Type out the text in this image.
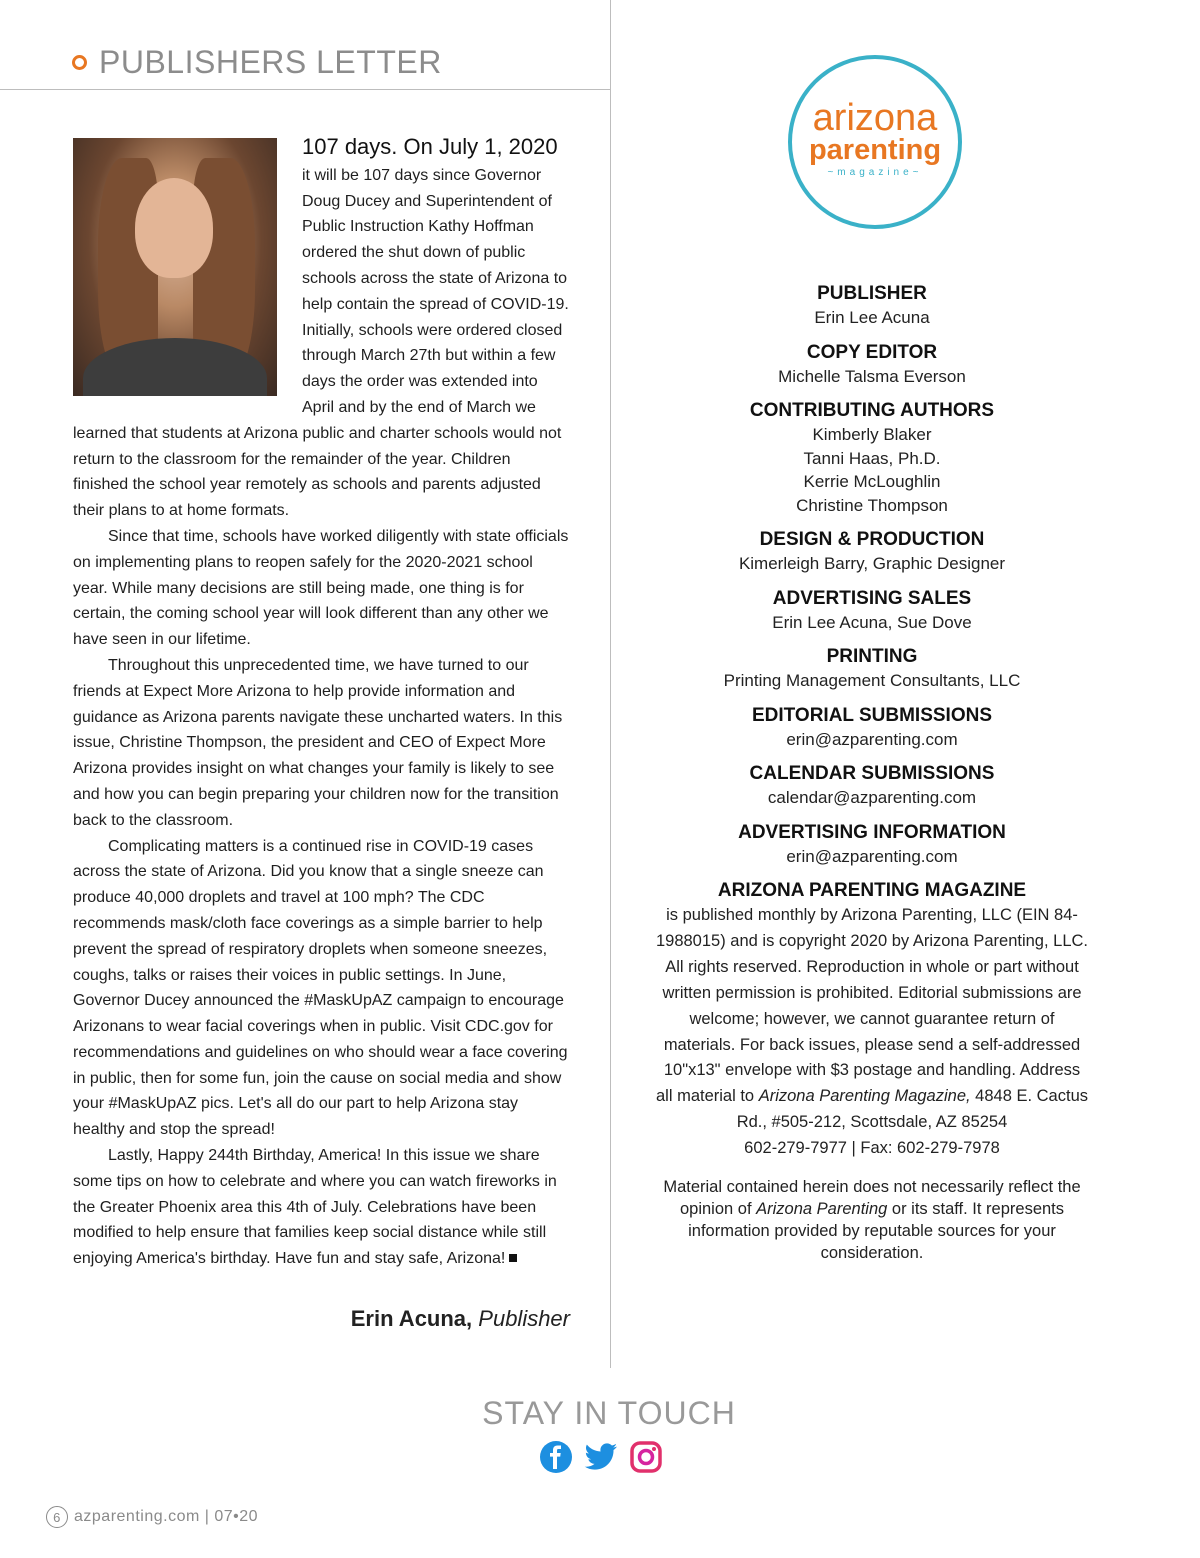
PUBLISHERS LETTER

107 days. On July 1, 2020
it will be 107 days since Governor Doug Ducey and Superintendent of Public Instruction Kathy Hoffman ordered the shut down of public schools across the state of Arizona to help contain the spread of COVID-19. Initially, schools were ordered closed through March 27th but within a few days the order was extended into April and by the end of March we learned that students at Arizona public and charter schools would not return to the classroom for the remainder of the year. Children finished the school year remotely as schools and parents adjusted their plans to at home formats.

Since that time, schools have worked diligently with state officials on implementing plans to reopen safely for the 2020-2021 school year. While many decisions are still being made, one thing is for certain, the coming school year will look different than any other we have seen in our lifetime.

Throughout this unprecedented time, we have turned to our friends at Expect More Arizona to help provide information and guidance as Arizona parents navigate these uncharted waters. In this issue, Christine Thompson, the president and CEO of Expect More Arizona provides insight on what changes your family is likely to see and how you can begin preparing your children now for the transition back to the classroom.

Complicating matters is a continued rise in COVID-19 cases across the state of Arizona. Did you know that a single sneeze can produce 40,000 droplets and travel at 100 mph? The CDC recommends mask/cloth face coverings as a simple barrier to help prevent the spread of respiratory droplets when someone sneezes, coughs, talks or raises their voices in public settings. In June, Governor Ducey announced the #MaskUpAZ campaign to encourage Arizonans to wear facial coverings when in public. Visit CDC.gov for recommendations and guidelines on who should wear a face covering in public, then for some fun, join the cause on social media and show your #MaskUpAZ pics. Let's all do our part to help Arizona stay healthy and stop the spread!

Lastly, Happy 244th Birthday, America! In this issue we share some tips on how to celebrate and where you can watch fireworks in the Greater Phoenix area this 4th of July. Celebrations have been modified to help ensure that families keep social distance while still enjoying America's birthday. Have fun and stay safe, Arizona!

Erin Acuna, Publisher
arizona
parenting
~magazine~
PUBLISHER
Erin Lee Acuna
COPY EDITOR
Michelle Talsma Everson
CONTRIBUTING AUTHORS
Kimberly Blaker
Tanni Haas, Ph.D.
Kerrie McLoughlin
Christine Thompson
DESIGN & PRODUCTION
Kimerleigh Barry, Graphic Designer
ADVERTISING SALES
Erin Lee Acuna, Sue Dove
PRINTING
Printing Management Consultants, LLC
EDITORIAL SUBMISSIONS
erin@azparenting.com
CALENDAR SUBMISSIONS
calendar@azparenting.com
ADVERTISING INFORMATION
erin@azparenting.com
ARIZONA PARENTING MAGAZINE
is published monthly by Arizona Parenting, LLC (EIN 84-1988015) and is copyright 2020 by Arizona Parenting, LLC. All rights reserved. Reproduction in whole or part without written permission is prohibited. Editorial submissions are welcome; however, we cannot guarantee return of materials. For back issues, please send a self-addressed 10"x13" envelope with $3 postage and handling. Address all material to Arizona Parenting Magazine, 4848 E. Cactus Rd., #505-212, Scottsdale, AZ 85254
602-279-7977 | Fax: 602-279-7978
Material contained herein does not necessarily reflect the opinion of Arizona Parenting or its staff. It represents information provided by reputable sources for your consideration.
STAY IN TOUCH
6 azparenting.com | 07•20
